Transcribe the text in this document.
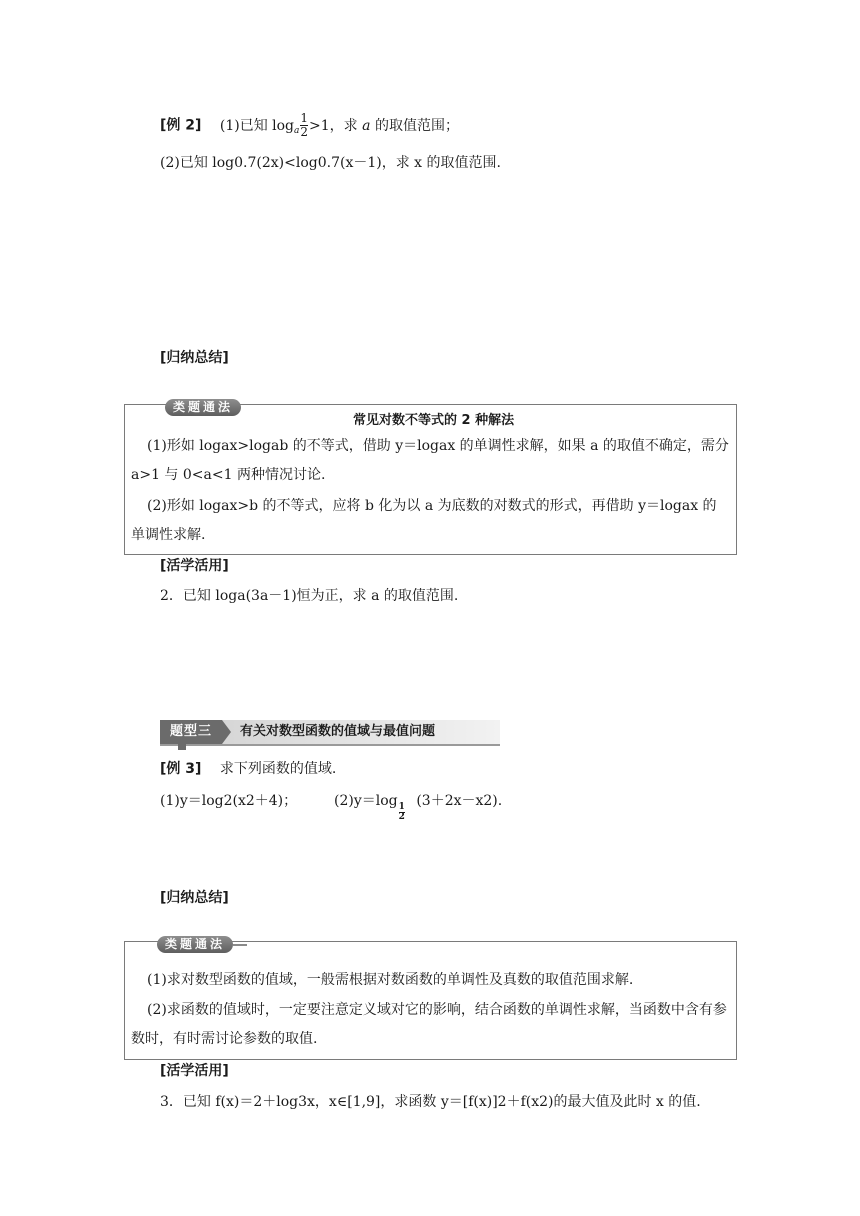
[例 2] (1)已知 $\log_a \frac{1}{2} >1$，求 a 的取值范围；
(2)已知 log0.7(2x)<log0.7(x－1)，求 x 的取值范围.
[归纳总结]
类题通法
常见对数不等式的 2 种解法
(1)形如 logax>logab 的不等式，借助 y＝logax 的单调性求解，如果 a 的取值不确定，需分 a>1 与 0<a<1 两种情况讨论.
(2)形如 logax>b 的不等式，应将 b 化为以 a 为底数的对数式的形式，再借助 y＝logax 的单调性求解.
[活学活用]
2．已知 loga(3a－1)恒为正，求 a 的取值范围.
题型三	有关对数型函数的值域与最值问题
[例 3] 求下列函数的值域.
(1)y＝log2(x2＋4)；	(2)y＝log
$\frac{1}{2}$
(3＋2x－x2).
[归纳总结]
类题通法
(1)求对数型函数的值域，一般需根据对数函数的单调性及真数的取值范围求解.
(2)求函数的值域时，一定要注意定义域对它的影响，结合函数的单调性求解，当函数中含有参数时，有时需讨论参数的取值.
[活学活用]
3．已知 f(x)＝2＋log3x，x∈[1,9]，求函数 y＝[f(x)]2＋f(x2)的最大值及此时 x 的值.
